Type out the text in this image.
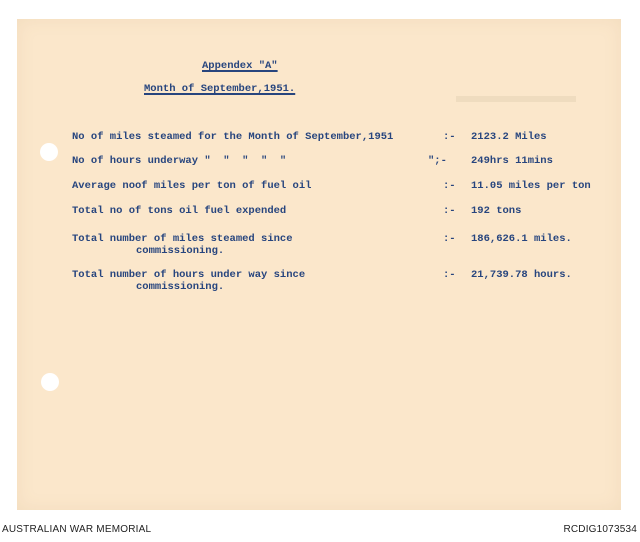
Appendex "A"
Month of September,1951.
No of miles steamed for the Month of September,1951	:- 2123.2 Miles
No of hours underway "  "  "  "  "	";- 249hrs 11mins
Average noof miles per ton of fuel oil	:- 11.05 miles per ton
Total no of tons oil fuel expended	:- 192 tons
Total number of miles steamed since
commissioning.
:- 186,626.1 miles.
Total number of hours under way since
commissioning.
:- 21,739.78 hours.
AUSTRALIAN WAR MEMORIAL	RCDIG1073534
